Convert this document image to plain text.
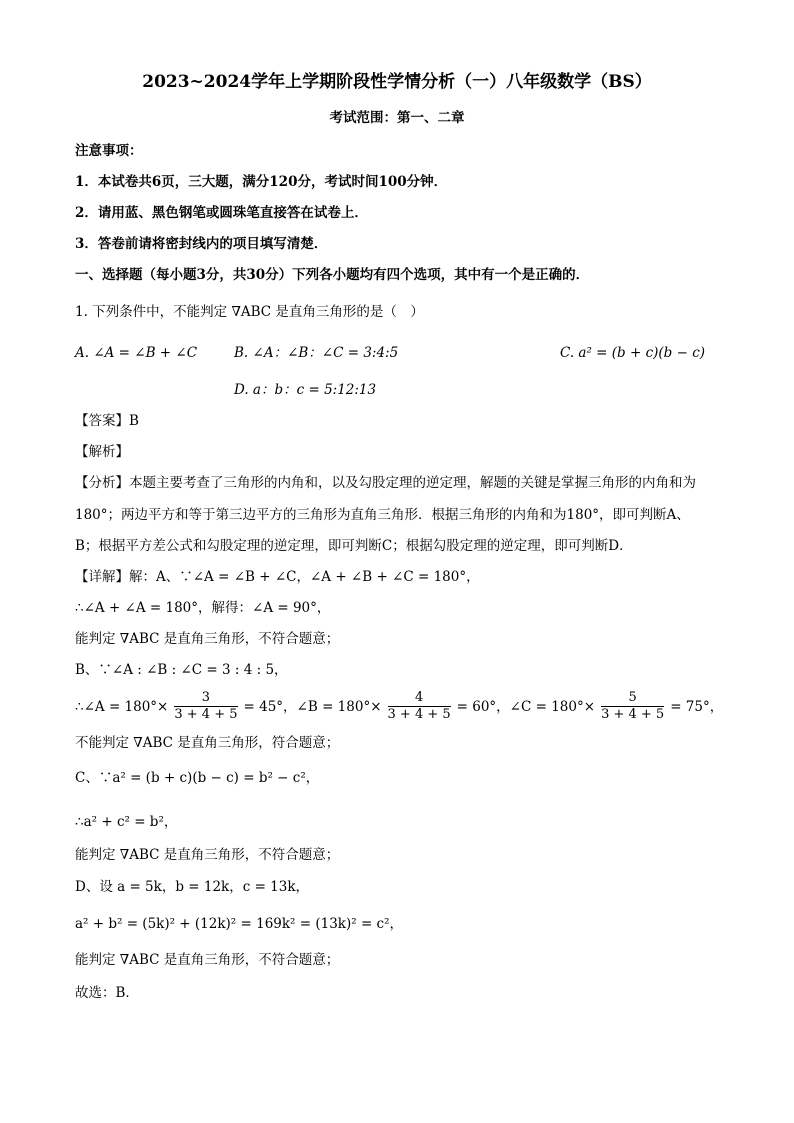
2023~2024学年上学期阶段性学情分析（一）八年级数学（BS）
考试范围：第一、二章
注意事项：
1．本试卷共6页，三大题，满分120分，考试时间100分钟．
2．请用蓝、黑色钢笔或圆珠笔直接答在试卷上．
3．答卷前请将密封线内的项目填写清楚．
一、选择题（每小题3分，共30分）下列各小题均有四个选项，其中有一个是正确的．
1. 下列条件中，不能判定 ∇ABC 是直角三角形的是（　）
A. ∠A = ∠B + ∠C	B. ∠A：∠B：∠C = 3:4:5	C. a² = (b + c)(b − c)
D. a：b：c = 5:12:13
【答案】B
【解析】
【分析】本题主要考查了三角形的内角和，以及勾股定理的逆定理，解题的关键是掌握三角形的内角和为
180°；两边平方和等于第三边平方的三角形为直角三角形．根据三角形的内角和为180°，即可判断A、
B；根据平方差公式和勾股定理的逆定理，即可判断C；根据勾股定理的逆定理，即可判断D．
【详解】解：A、∵∠A = ∠B + ∠C，∠A + ∠B + ∠C = 180°，
∴∠A + ∠A = 180°，解得：∠A = 90°，
能判定 ∇ABC 是直角三角形，不符合题意；
B、∵∠A : ∠B : ∠C = 3 : 4 : 5，
∴∠A = $180^\circ\times \frac{3}{3 + 4 + 5} = 45^\circ$，∠B = $180^\circ\times \frac{4}{3 + 4 + 5} = 60^\circ$，∠C = $180^\circ\times \frac{5}{3 + 4 + 5} = 75^\circ$，
不能判定 ∇ABC 是直角三角形，符合题意；
C、∵a² = (b + c)(b − c) = b² − c²，
∴a² + c² = b²，
能判定 ∇ABC 是直角三角形，不符合题意；
D、设 a = 5k，b = 12k，c = 13k，
a² + b² = (5k)² + (12k)² = 169k² = (13k)² = c²，
能判定 ∇ABC 是直角三角形，不符合题意；
故选：B．
